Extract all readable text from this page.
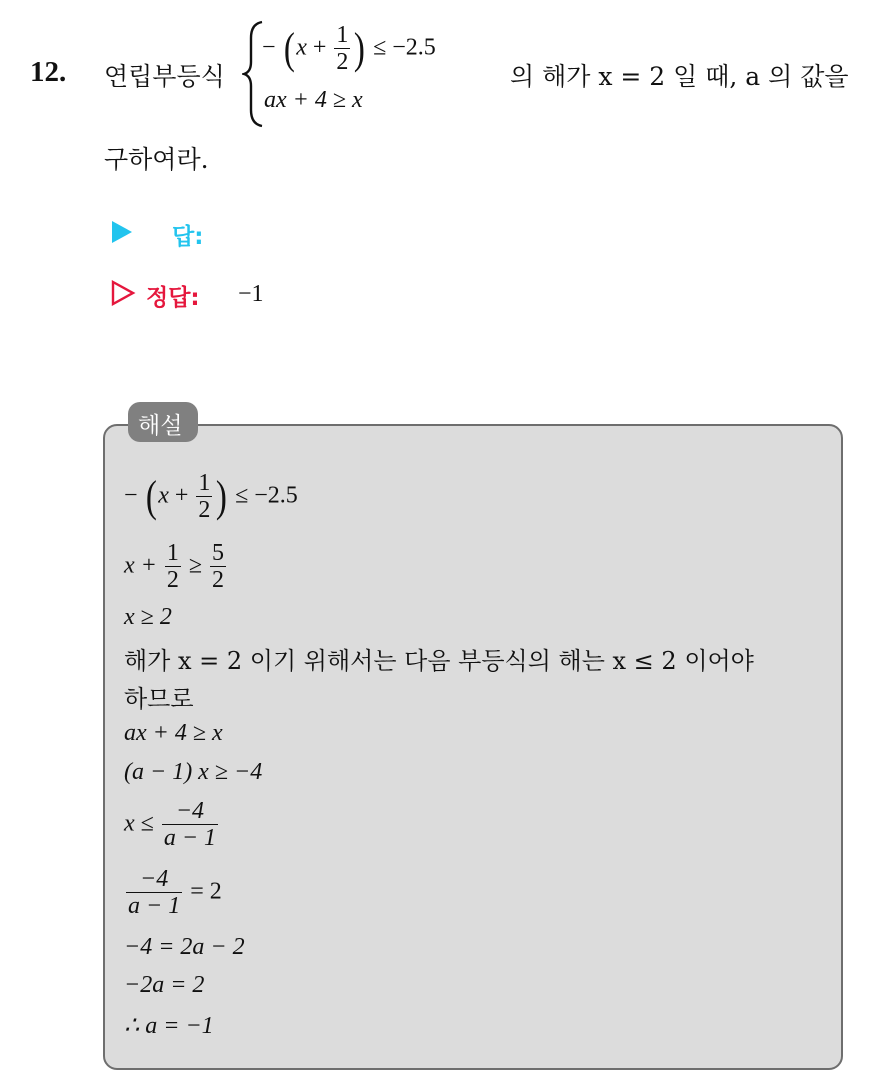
12. 연립부등식
− ($x + \frac{1}{2}$ ) ≤ −2.5
ax + 4 ≥ x
의 해가 x = 2 일 때, a 의 값을
구하여라.
답:
정답: −1
해설
− ($x + \frac{1}{2}$ ) ≤ −2.5
$x + \frac{1}{2} \ge \frac{5}{2}$
x ≥ 2
해가 x = 2 이기 위해서는 다음 부등식의 해는 x ≤ 2 이어야
하므로
ax + 4 ≥ x
(a − 1) x ≥ −4
$x \le \frac{-4}{a - 1}$
$\frac{-4}{a - 1} = 2$
−4 = 2a − 2
−2a = 2
∴ a = −1
